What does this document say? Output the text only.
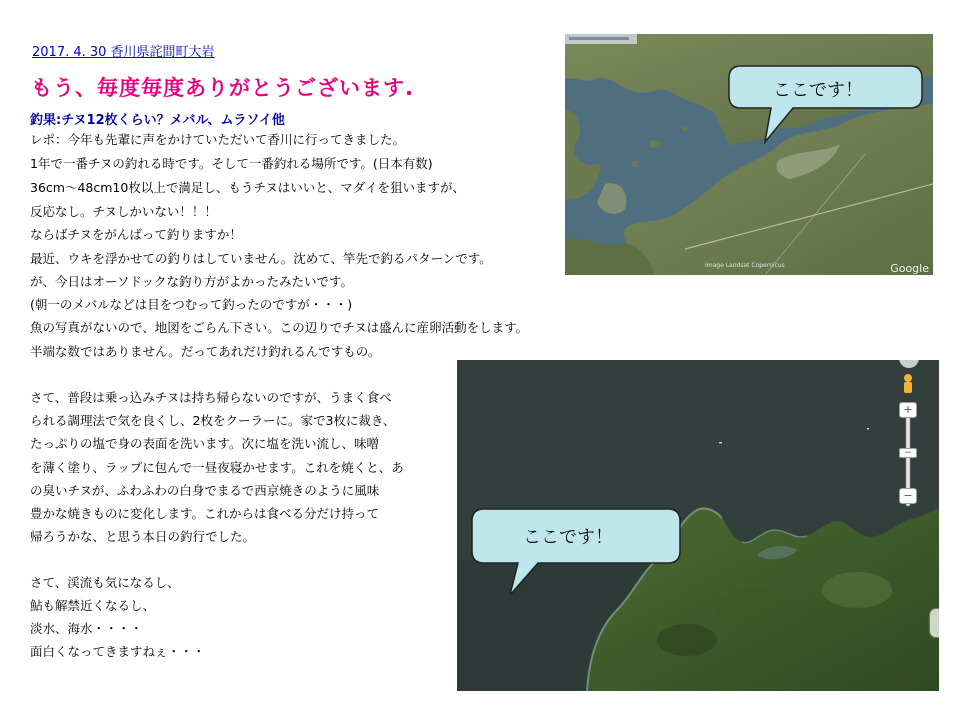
2017. 4. 30 香川県詫間町大岩
もう、毎度毎度ありがとうございます.
釣果:チヌ12枚くらい？メバル、ムラソイ他
レポ：今年も先輩に声をかけていただいて香川に行ってきました。
1年で一番チヌの釣れる時です。そして一番釣れる場所です。(日本有数)
36cm〜48cm10枚以上で満足し、もうチヌはいいと、マダイを狙いますが、
反応なし。チヌしかいない！！！
ならばチヌをがんばって釣りますか！
最近、ウキを浮かせての釣りはしていません。沈めて、竿先で釣るパターンです。
が、今日はオーソドックな釣り方がよかったみたいです。
(朝一のメバルなどは目をつむって釣ったのですが・・・)
魚の写真がないので、地図をごらん下さい。この辺りでチヌは盛んに産卵活動をします。
半端な数ではありません。だってあれだけ釣れるんですもの。
さて、普段は乗っ込みチヌは持ち帰らないのですが、うまく食べ
られる調理法で気を良くし、2枚をクーラーに。家で3枚に裁き、
たっぷりの塩で身の表面を洗います。次に塩を洗い流し、味噌
を薄く塗り、ラップに包んで一昼夜寝かせます。これを焼くと、あ
の臭いチヌが、ふわふわの白身でまるで西京焼きのように風味
豊かな焼きものに変化します。これからは食べる分だけ持って
帰ろうかな、と思う本日の釣行でした。
さて、渓流も気になるし、
鮎も解禁近くなるし、
淡水、海水・・・・
面白くなってきますねぇ・・・
Image Landsat Copernicus	Google
ここです！
+
−
−
ここです！
